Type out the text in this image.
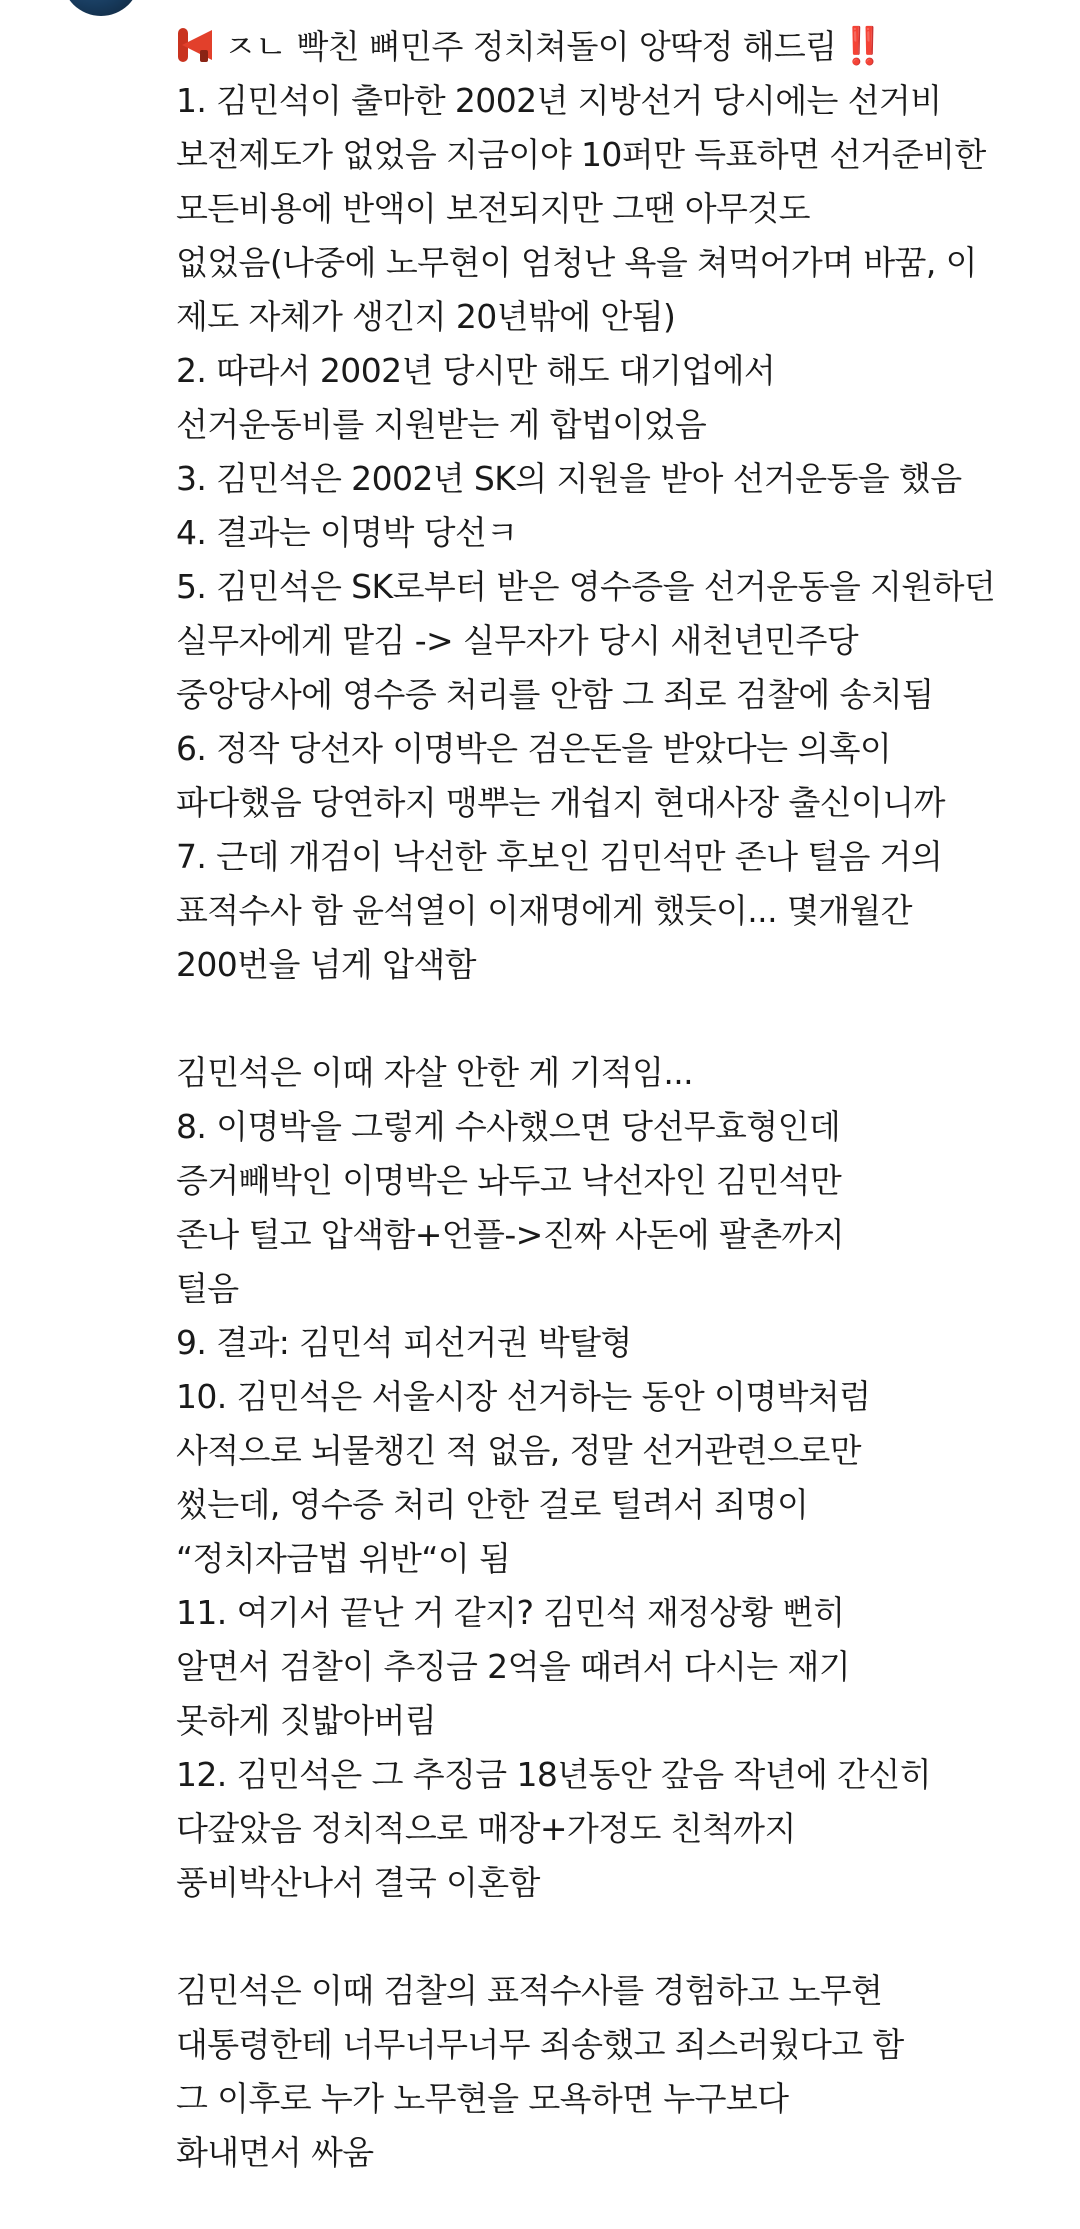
ㅈㄴ 빡친 뼈민주 정치쳐돌이 앙딱정 해드림 ‼️
1. 김민석이 출마한 2002년 지방선거 당시에는 선거비
보전제도가 없었음 지금이야 10퍼만 득표하면 선거준비한
모든비용에 반액이 보전되지만 그땐 아무것도
없었음(나중에 노무현이 엄청난 욕을 쳐먹어가며 바꿈, 이
제도 자체가 생긴지 20년밖에 안됨)
2. 따라서 2002년 당시만 해도 대기업에서
선거운동비를 지원받는 게 합법이었음
3. 김민석은 2002년 SK의 지원을 받아 선거운동을 했음
4. 결과는 이명박 당선ㅋ
5. 김민석은 SK로부터 받은 영수증을 선거운동을 지원하던
실무자에게 맡김 -> 실무자가 당시 새천년민주당
중앙당사에 영수증 처리를 안함 그 죄로 검찰에 송치됨
6. 정작 당선자 이명박은 검은돈을 받았다는 의혹이
파다했음 당연하지 맹뿌는 개쉽지 현대사장 출신이니까
7. 근데 개검이 낙선한 후보인 김민석만 존나 털음 거의
표적수사 함 윤석열이 이재명에게 했듯이... 몇개월간
200번을 넘게 압색함
김민석은 이때 자살 안한 게 기적임...
8. 이명박을 그렇게 수사했으면 당선무효형인데
증거빼박인 이명박은 놔두고 낙선자인 김민석만
존나 털고 압색함+언플->진짜 사돈에 팔촌까지
털음
9. 결과: 김민석 피선거권 박탈형
10. 김민석은 서울시장 선거하는 동안 이명박처럼
사적으로 뇌물챙긴 적 없음, 정말 선거관련으로만
썼는데, 영수증 처리 안한 걸로 털려서 죄명이
“정치자금법 위반“이 됨
11. 여기서 끝난 거 같지? 김민석 재정상황 뻔히
알면서 검찰이 추징금 2억을 때려서 다시는 재기
못하게 짓밟아버림
12. 김민석은 그 추징금 18년동안 갚음 작년에 간신히
다갚았음 정치적으로 매장+가정도 친척까지
풍비박산나서 결국 이혼함
김민석은 이때 검찰의 표적수사를 경험하고 노무현
대통령한테 너무너무너무 죄송했고 죄스러웠다고 함
그 이후로 누가 노무현을 모욕하면 누구보다
화내면서 싸움
